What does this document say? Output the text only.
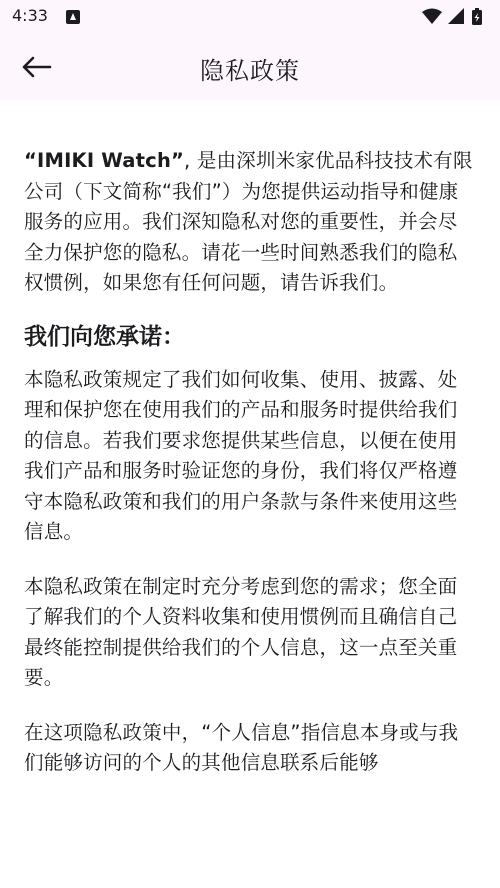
4:33
隐私政策

“IMIKI Watch”, 是由深圳米家优品科技技术有限公司（下文简称“我们”）为您提供运动指导和健康服务的应用。我们深知隐私对您的重要性，并会尽全力保护您的隐私。请花一些时间熟悉我们的隐私权惯例，如果您有任何问题，请告诉我们。

我们向您承诺：

本隐私政策规定了我们如何收集、使用、披露、处理和保护您在使用我们的产品和服务时提供给我们的信息。若我们要求您提供某些信息，以便在使用我们产品和服务时验证您的身份，我们将仅严格遵守本隐私政策和我们的用户条款与条件来使用这些信息。

本隐私政策在制定时充分考虑到您的需求；您全面了解我们的个人资料收集和使用惯例而且确信自己最终能控制提供给我们的个人信息，这一点至关重要。

在这项隐私政策中，“个人信息”指信息本身或与我们能够访问的个人的其他信息联系后能够
